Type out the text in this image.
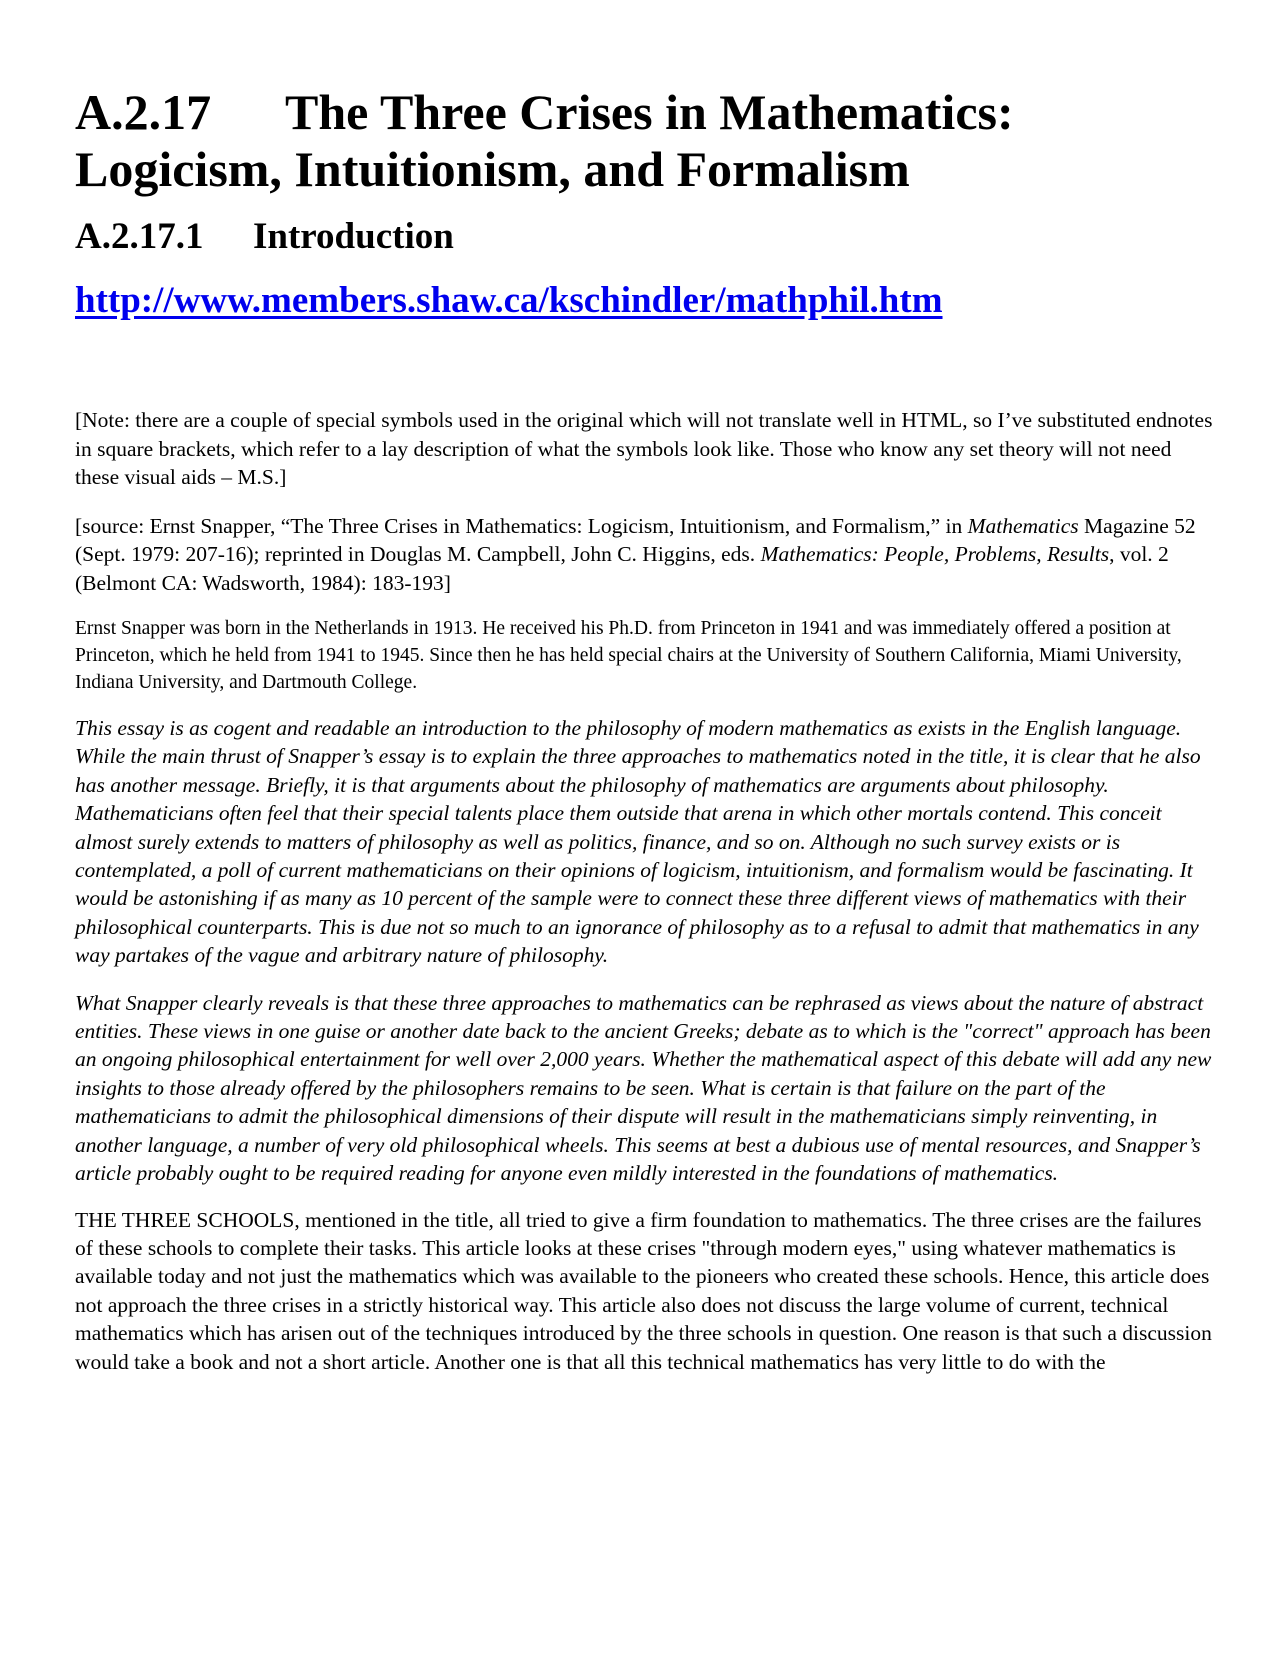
A.2.17 The Three Crises in Mathematics:
Logicism, Intuitionism, and Formalism
A.2.17.1 Introduction
http://www.members.shaw.ca/kschindler/mathphil.htm

[Note: there are a couple of special symbols used in the original which will not translate well in HTML, so I’ve substituted endnotes in square brackets, which refer to a lay description of what the symbols look like. Those who know any set theory will not need these visual aids – M.S.]

[source: Ernst Snapper, “The Three Crises in Mathematics: Logicism, Intuitionism, and Formalism,” in Mathematics Magazine 52 (Sept. 1979: 207-16); reprinted in Douglas M. Campbell, John C. Higgins, eds. Mathematics: People, Problems, Results, vol. 2 (Belmont CA: Wadsworth, 1984): 183-193]

Ernst Snapper was born in the Netherlands in 1913. He received his Ph.D. from Princeton in 1941 and was immediately offered a position at Princeton, which he held from 1941 to 1945. Since then he has held special chairs at the University of Southern California, Miami University, Indiana University, and Dartmouth College.

This essay is as cogent and readable an introduction to the philosophy of modern mathematics as exists in the English language. While the main thrust of Snapper’s essay is to explain the three approaches to mathematics noted in the title, it is clear that he also has another message. Briefly, it is that arguments about the philosophy of mathematics are arguments about philosophy. Mathematicians often feel that their special talents place them outside that arena in which other mortals contend. This conceit almost surely extends to matters of philosophy as well as politics, finance, and so on. Although no such survey exists or is contemplated, a poll of current mathematicians on their opinions of logicism, intuitionism, and formalism would be fascinating. It would be astonishing if as many as 10 percent of the sample were to connect these three different views of mathematics with their philosophical counterparts. This is due not so much to an ignorance of philosophy as to a refusal to admit that mathematics in any way partakes of the vague and arbitrary nature of philosophy.

What Snapper clearly reveals is that these three approaches to mathematics can be rephrased as views about the nature of abstract entities. These views in one guise or another date back to the ancient Greeks; debate as to which is the "correct" approach has been an ongoing philosophical entertainment for well over 2,000 years. Whether the mathematical aspect of this debate will add any new insights to those already offered by the philosophers remains to be seen. What is certain is that failure on the part of the mathematicians to admit the philosophical dimensions of their dispute will result in the mathematicians simply reinventing, in another language, a number of very old philosophical wheels. This seems at best a dubious use of mental resources, and Snapper’s article probably ought to be required reading for anyone even mildly interested in the foundations of mathematics.

THE THREE SCHOOLS, mentioned in the title, all tried to give a firm foundation to mathematics. The three crises are the failures of these schools to complete their tasks. This article looks at these crises "through modern eyes," using whatever mathematics is available today and not just the mathematics which was available to the pioneers who created these schools. Hence, this article does not approach the three crises in a strictly historical way. This article also does not discuss the large volume of current, technical mathematics which has arisen out of the techniques introduced by the three schools in question. One reason is that such a discussion would take a book and not a short article. Another one is that all this technical mathematics has very little to do with the
